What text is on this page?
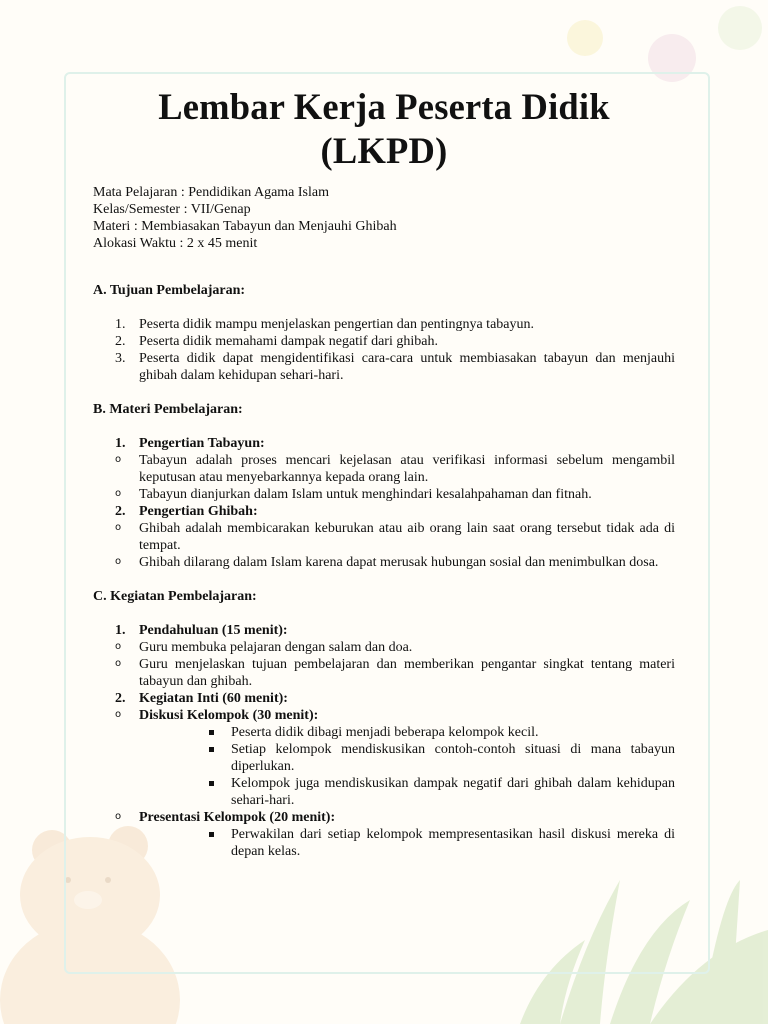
Lembar Kerja Peserta Didik (LKPD)
Mata Pelajaran : Pendidikan Agama Islam
Kelas/Semester : VII/Genap
Materi : Membiasakan Tabayun dan Menjauhi Ghibah
Alokasi Waktu : 2 x 45 menit
A. Tujuan Pembelajaran:
1. Peserta didik mampu menjelaskan pengertian dan pentingnya tabayun.
2. Peserta didik memahami dampak negatif dari ghibah.
3. Peserta didik dapat mengidentifikasi cara-cara untuk membiasakan tabayun dan menjauhi ghibah dalam kehidupan sehari-hari.
B. Materi Pembelajaran:
1. Pengertian Tabayun:
o Tabayun adalah proses mencari kejelasan atau verifikasi informasi sebelum mengambil keputusan atau menyebarkannya kepada orang lain.
o Tabayun dianjurkan dalam Islam untuk menghindari kesalahpahaman dan fitnah.
2. Pengertian Ghibah:
o Ghibah adalah membicarakan keburukan atau aib orang lain saat orang tersebut tidak ada di tempat.
o Ghibah dilarang dalam Islam karena dapat merusak hubungan sosial dan menimbulkan dosa.
C. Kegiatan Pembelajaran:
1. Pendahuluan (15 menit):
o Guru membuka pelajaran dengan salam dan doa.
o Guru menjelaskan tujuan pembelajaran dan memberikan pengantar singkat tentang materi tabayun dan ghibah.
2. Kegiatan Inti (60 menit):
o Diskusi Kelompok (30 menit):
Peserta didik dibagi menjadi beberapa kelompok kecil.
Setiap kelompok mendiskusikan contoh-contoh situasi di mana tabayun diperlukan.
Kelompok juga mendiskusikan dampak negatif dari ghibah dalam kehidupan sehari-hari.
o Presentasi Kelompok (20 menit):
Perwakilan dari setiap kelompok mempresentasikan hasil diskusi mereka di depan kelas.
